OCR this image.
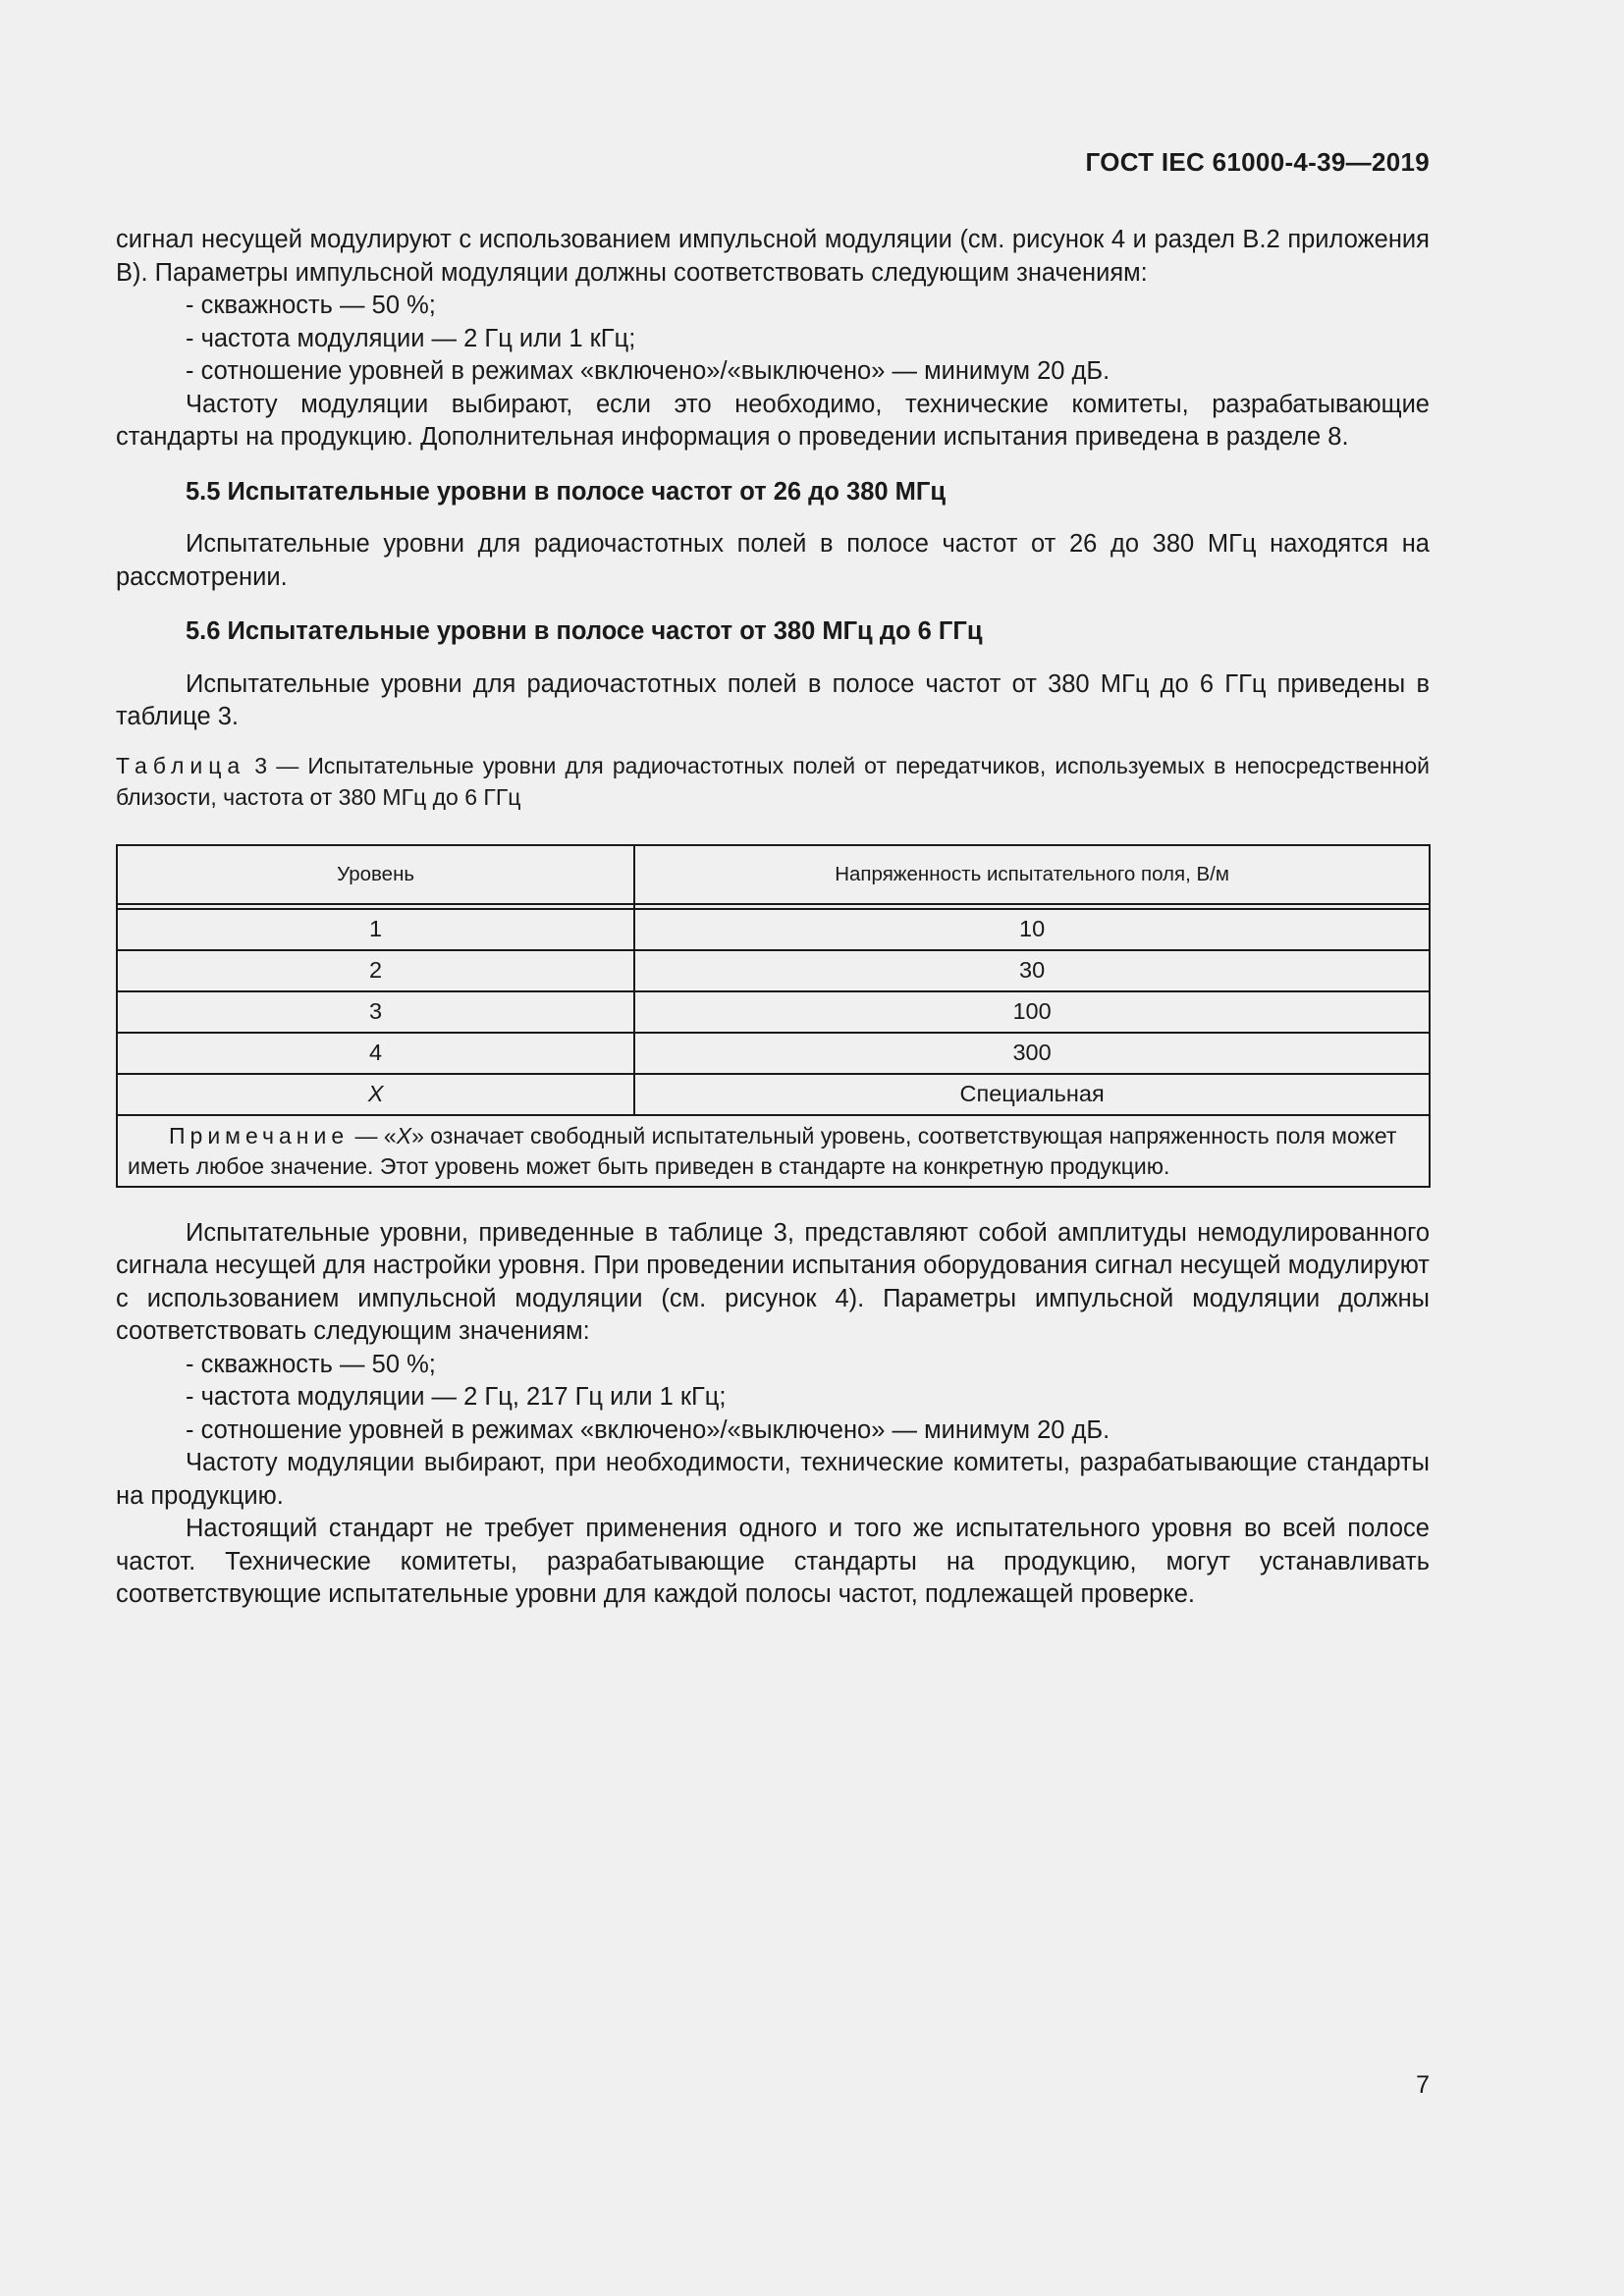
ГОСТ IEC 61000-4-39—2019

сигнал несущей модулируют с использованием импульсной модуляции (см. рисунок 4 и раздел В.2 приложения В). Параметры импульсной модуляции должны соответствовать следующим значениям:

- скважность — 50 %;
- частота модуляции — 2 Гц или 1 кГц;
- сотношение уровней в режимах «включено»/«выключено» — минимум 20 дБ.

Частоту модуляции выбирают, если это необходимо, технические комитеты, разрабатывающие стандарты на продукцию. Дополнительная информация о проведении испытания приведена в разделе 8.

5.5 Испытательные уровни в полосе частот от 26 до 380 МГц

Испытательные уровни для радиочастотных полей в полосе частот от 26 до 380 МГц находятся на рассмотрении.

5.6 Испытательные уровни в полосе частот от 380 МГц до 6 ГГц

Испытательные уровни для радиочастотных полей в полосе частот от 380 МГц до 6 ГГц приведены в таблице 3.

Таблица 3 — Испытательные уровни для радиочастотных полей от передатчиков, используемых в непосредственной близости, частота от 380 МГц до 6 ГГц

Уровень	Напряженность испытательного поля, В/м

1	10
2	30
3	100
4	300
X	Специальная
Примечание — «X» означает свободный испытательный уровень, соответствующая напряженность поля может иметь любое значение. Этот уровень может быть приведен в стандарте на конкретную продукцию.	

Испытательные уровни, приведенные в таблице 3, представляют собой амплитуды немодулированного сигнала несущей для настройки уровня. При проведении испытания оборудования сигнал несущей модулируют с использованием импульсной модуляции (см. рисунок 4). Параметры импульсной модуляции должны соответствовать следующим значениям:

- скважность — 50 %;
- частота модуляции — 2 Гц, 217 Гц или 1 кГц;
- сотношение уровней в режимах «включено»/«выключено» — минимум 20 дБ.

Частоту модуляции выбирают, при необходимости, технические комитеты, разрабатывающие стандарты на продукцию.

Настоящий стандарт не требует применения одного и того же испытательного уровня во всей полосе частот. Технические комитеты, разрабатывающие стандарты на продукцию, могут устанавливать соответствующие испытательные уровни для каждой полосы частот, подлежащей проверке.

7
